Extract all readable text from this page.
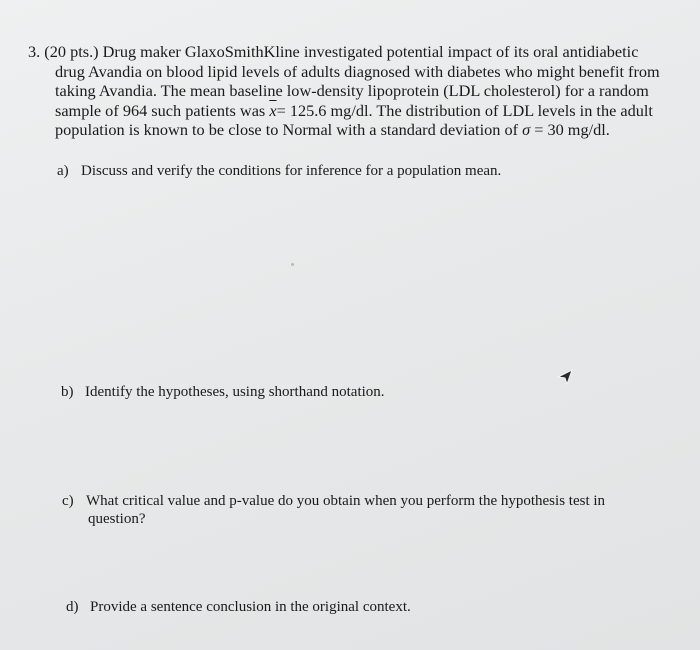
3. (20 pts.) Drug maker GlaxoSmithKline investigated potential impact of its oral antidiabetic
drug Avandia on blood lipid levels of adults diagnosed with diabetes who might benefit from
taking Avandia. The mean baseline low-density lipoprotein (LDL cholesterol) for a random
sample of 964 such patients was $\overline{x}= 125.6$ mg/dl. The distribution of LDL levels in the adult
population is known to be close to Normal with a standard deviation of σ = 30 mg/dl.
a) Discuss and verify the conditions for inference for a population mean.
b) Identify the hypotheses, using shorthand notation.
c) What critical value and p-value do you obtain when you perform the hypothesis test in
question?
d) Provide a sentence conclusion in the original context.
